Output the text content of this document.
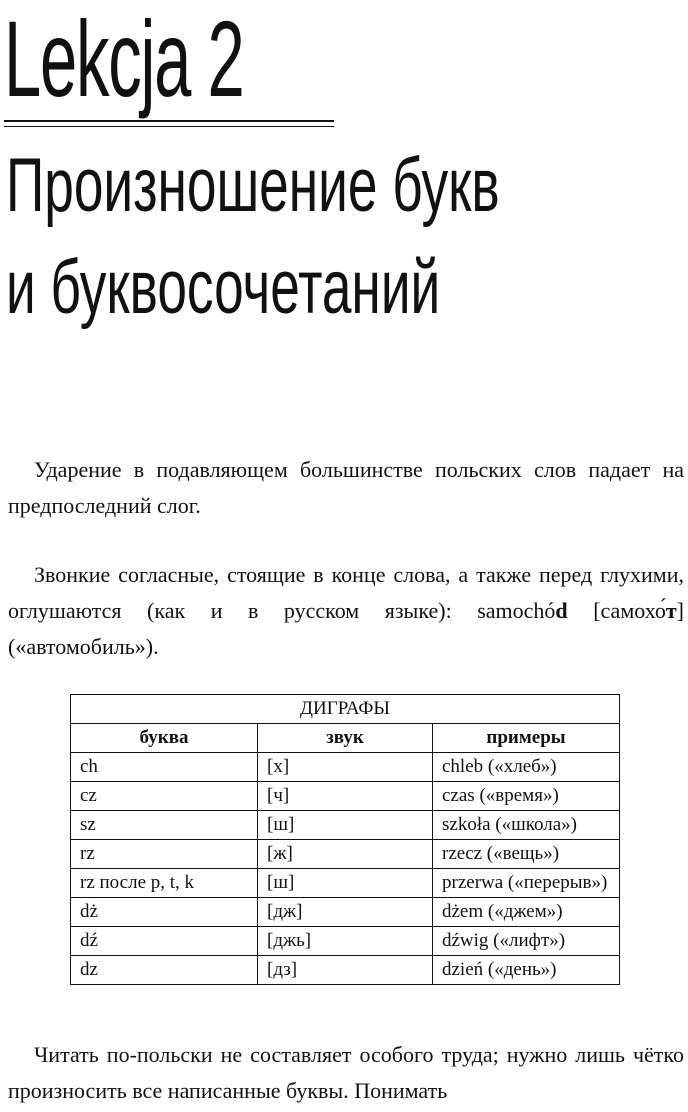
Lekcja 2
Произношение букв
и буквосочетаний

Ударение в подавляющем большинстве польских слов падает на предпоследний слог.

Звонкие согласные, стоящие в конце слова, а также перед глухими, оглушаются (как и в русском языке): samochód [самохо́т] («автомобиль»).

ДИГРАФЫ		
буква	звук	примеры
ch	[х]	chleb («хлеб»)
cz	[ч]	czas («время»)
sz	[ш]	szkoła («школа»)
rz	[ж]	rzecz («вещь»)
rz после p, t, k	[ш]	przerwa («перерыв»)
dż	[дж]	dżem («джем»)
dź	[джь]	dźwig («лифт»)
dz	[дз]	dzień («день»)

Читать по-польски не составляет особого труда; нужно лишь чётко произносить все написанные буквы. Понимать
